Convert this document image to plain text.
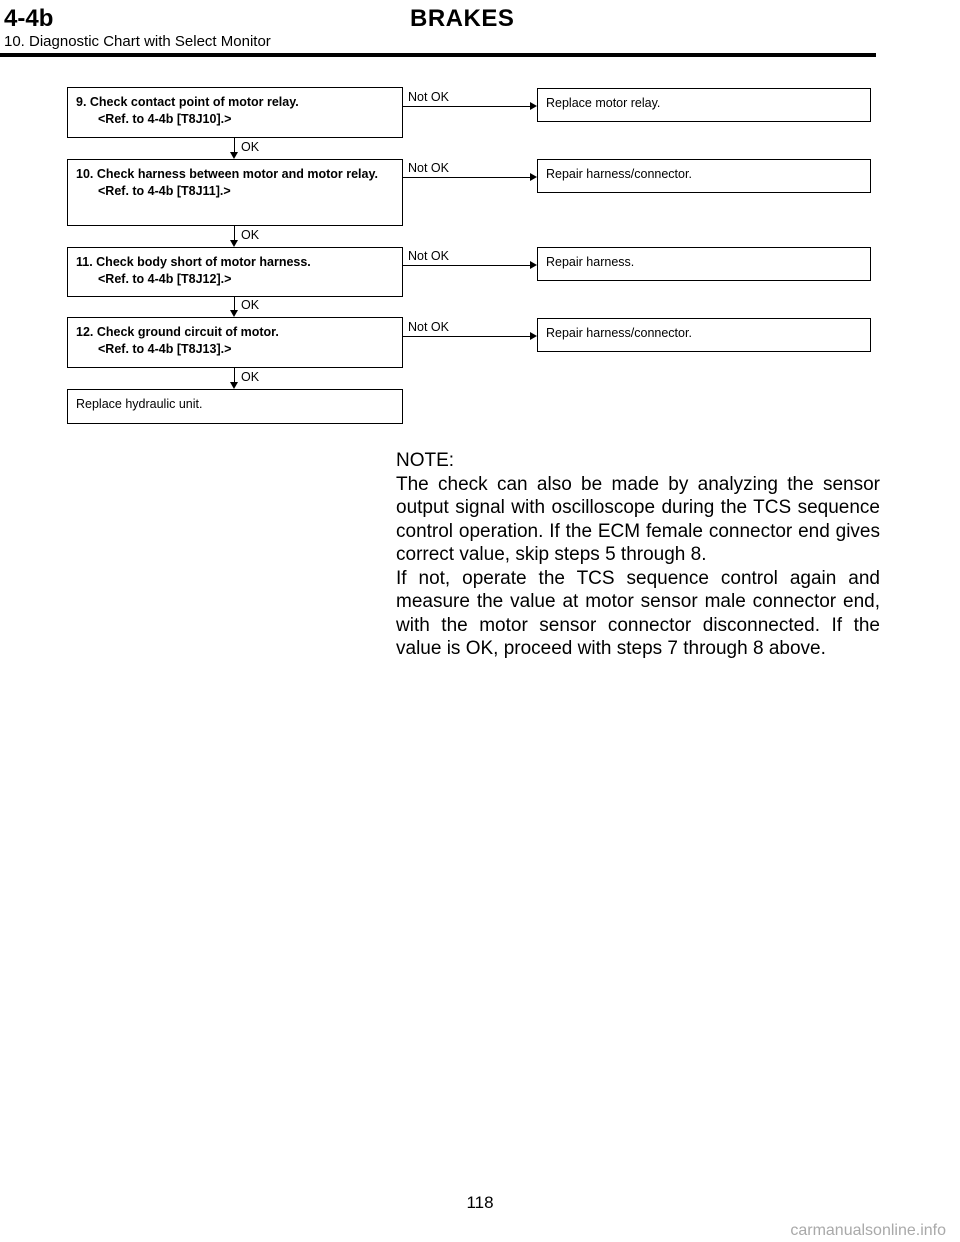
4-4b	BRAKES
10. Diagnostic Chart with Select Monitor
9. Check contact point of motor relay.
<Ref. to 4-4b [T8J10].>
Not OK	Replace motor relay.
OK
10. Check harness between motor and motor relay.
<Ref. to 4-4b [T8J11].>
Not OK	Repair harness/connector.
OK
11. Check body short of motor harness.
<Ref. to 4-4b [T8J12].>
Not OK	Repair harness.
OK
12. Check ground circuit of motor.
<Ref. to 4-4b [T8J13].>
Not OK	Repair harness/connector.
OK
Replace hydraulic unit.

NOTE:

The check can also be made by analyzing the sensor output signal with oscilloscope during the TCS sequence control operation. If the ECM female connector end gives correct value, skip steps 5 through 8.

If not, operate the TCS sequence control again and measure the value at motor sensor male connector end, with the motor sensor connector disconnected. If the value is OK, proceed with steps 7 through 8 above.

118
carmanualsonline.info
